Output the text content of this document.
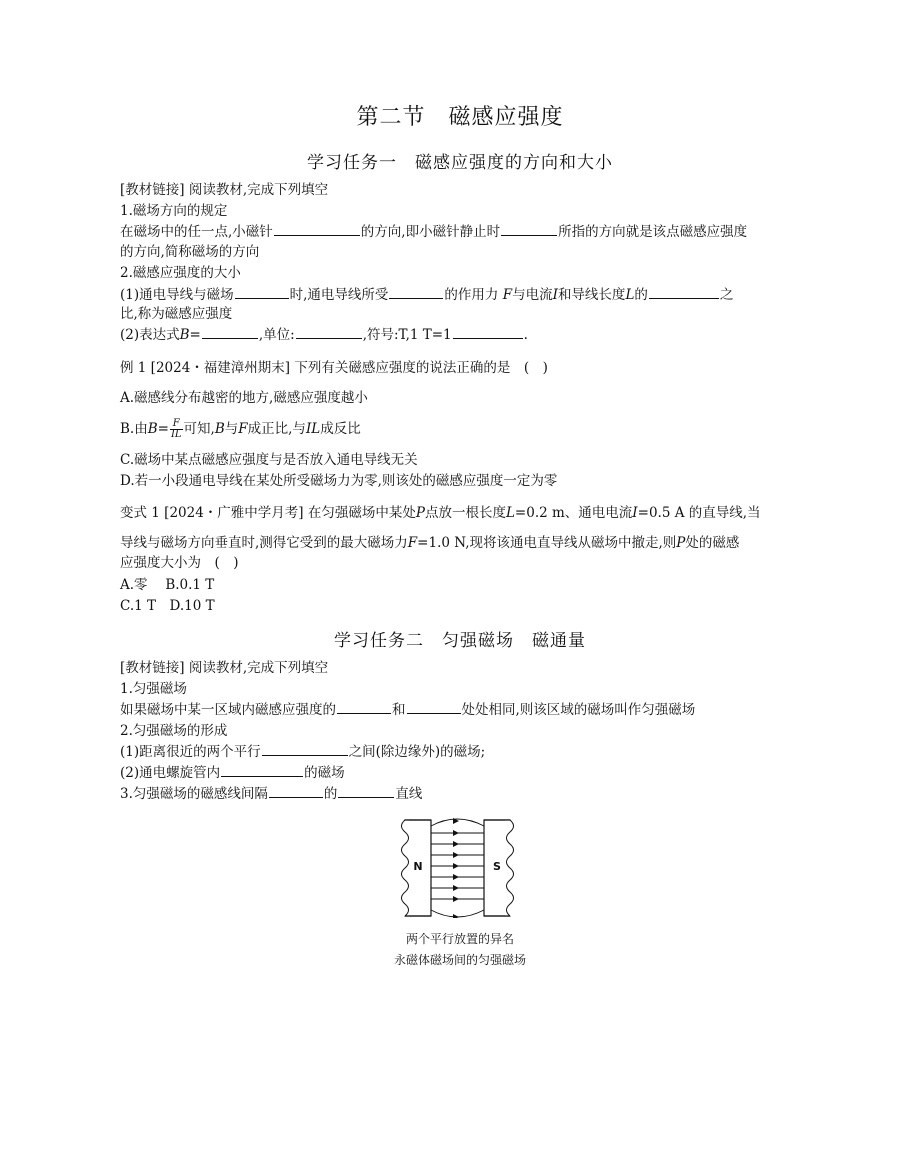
第二节　磁感应强度
学习任务一　磁感应强度的方向和大小
[教材链接] 阅读教材,完成下列填空
1.磁场方向的规定
在磁场中的任一点,小磁针	的方向,即小磁针静止时	所指的方向就是该点磁感应强度
的方向,简称磁场的方向
2.磁感应强度的大小
(1)通电导线与磁场	时,通电导线所受	的作用力 F与电流I和导线长度L的	之
比,称为磁感应强度
(2)表达式B=	,单位:	,符号:T,1 T=1	.
例 1 [2024・福建漳州期末] 下列有关磁感应强度的说法正确的是　(　)
A.磁感线分布越密的地方,磁感应强度越小
B.由$B= \frac{F}{IL}$ 可知,B与F成正比,与IL成反比
C.磁场中某点磁感应强度与是否放入通电导线无关
D.若一小段通电导线在某处所受磁场力为零,则该处的磁感应强度一定为零
变式 1 [2024・广雅中学月考] 在匀强磁场中某处P点放一根长度L=0.2 m、通电电流I=0.5 A 的直导线,当
导线与磁场方向垂直时,测得它受到的最大磁场力F=1.0 N,现将该通电直导线从磁场中撤走,则P处的磁感
应强度大小为　(　)
A.零　 B.0.1 T
C.1 T　D.10 T
学习任务二　匀强磁场　磁通量
[教材链接] 阅读教材,完成下列填空
1.匀强磁场
如果磁场中某一区域内磁感应强度的	和	处处相同,则该区域的磁场叫作匀强磁场
2.匀强磁场的形成
(1)距离很近的两个平行	之间(除边缘外)的磁场;
(2)通电螺旋管内	的磁场
3.匀强磁场的磁感线间隔	的	直线
N	S
两个平行放置的异名
永磁体磁场间的匀强磁场
